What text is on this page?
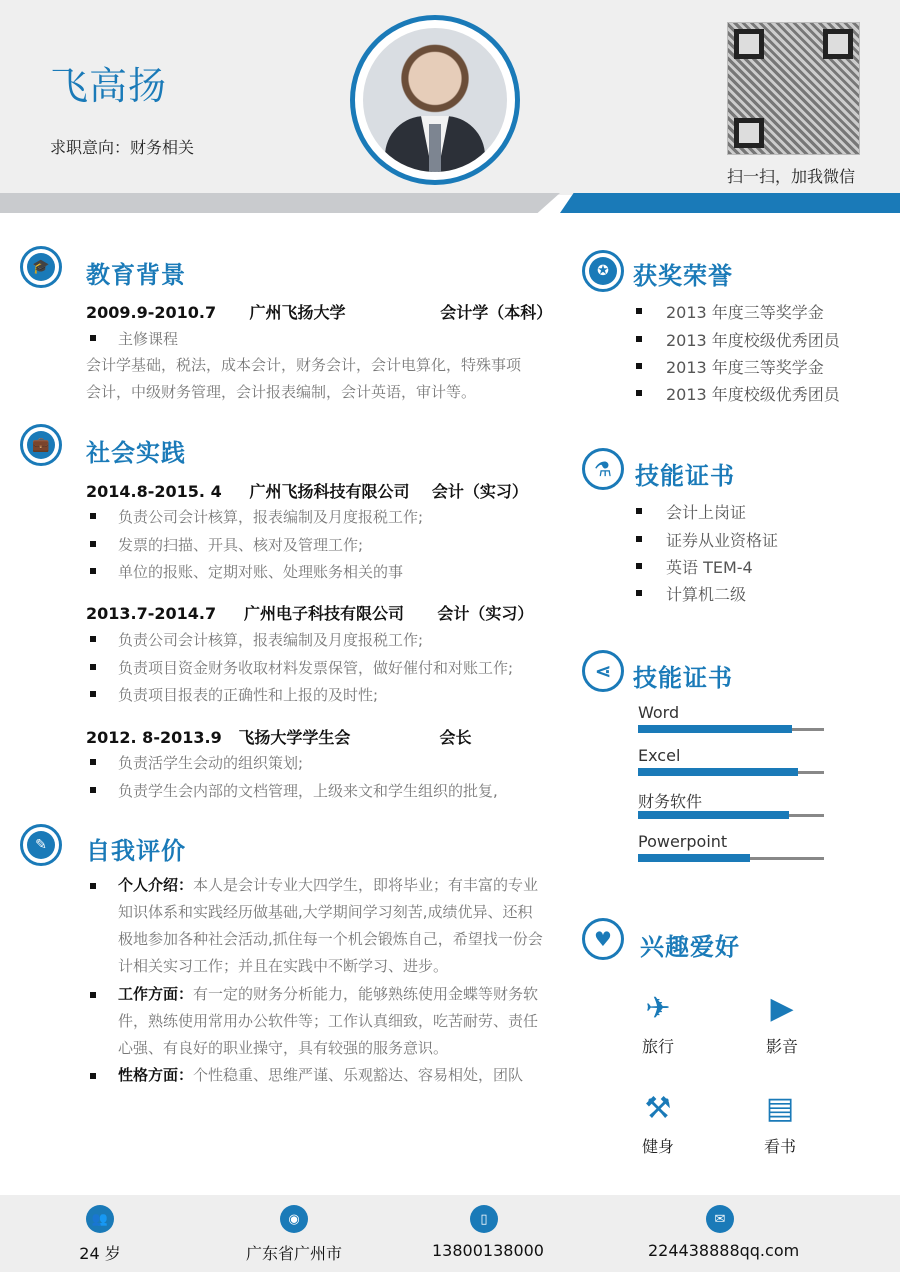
飞高扬
求职意向：财务相关
扫一扫，加我微信
🎓 教育背景
2009.9-2010.7 广州飞扬大学	会计学（本科）
主修课程
会计学基础，税法，成本会计，财务会计，会计电算化，特殊事项
会计，中级财务管理，会计报表编制，会计英语，审计等。
💼 社会实践
2014.8-2015. 4     广州飞扬科技有限公司    会计（实习）
负责公司会计核算，报表编制及月度报税工作;
发票的扫描、开具、核对及管理工作;
单位的报账、定期对账、处理账务相关的事
2013.7-2014.7     广州电子科技有限公司      会计（实习）
负责公司会计核算，报表编制及月度报税工作;
负责项目资金财务收取材料发票保管，做好催付和对账工作;
负责项目报表的正确性和上报的及时性;
2012. 8-2013.9   飞扬大学学生会                会长
负责活学生会动的组织策划;
负责学生会内部的文档管理，上级来文和学生组织的批复,
✎	自我评价
个人介绍：本人是会计专业大四学生，即将毕业；有丰富的专业知识体系和实践经历做基础,大学期间学习刻苦,成绩优异、还积极地参加各种社会活动,抓住每一个机会锻炼自己，希望找一份会计相关实习工作；并且在实践中不断学习、进步。
工作方面：有一定的财务分析能力，能够熟练使用金蝶等财务软件，熟练使用常用办公软件等；工作认真细致，吃苦耐劳、责任心强、有良好的职业操守，具有较强的服务意识。
性格方面：个性稳重、思维严谨、乐观豁达、容易相处，团队
✪	获奖荣誉
2013 年度三等奖学金
2013 年度校级优秀团员
2013 年度三等奖学金
2013 年度校级优秀团员
⚗ 技能证书
会计上岗证
证券从业资格证
英语 TEM-4
计算机二级
⋖ 技能证书
Word
Excel
财务软件
Powerpoint
♥	兴趣爱好
✈
旅行
▶
影音
⚒
健身
▤
看书
👥
24 岁
◉
广东省广州市
▯
13800138000
✉
224438888qq.com
